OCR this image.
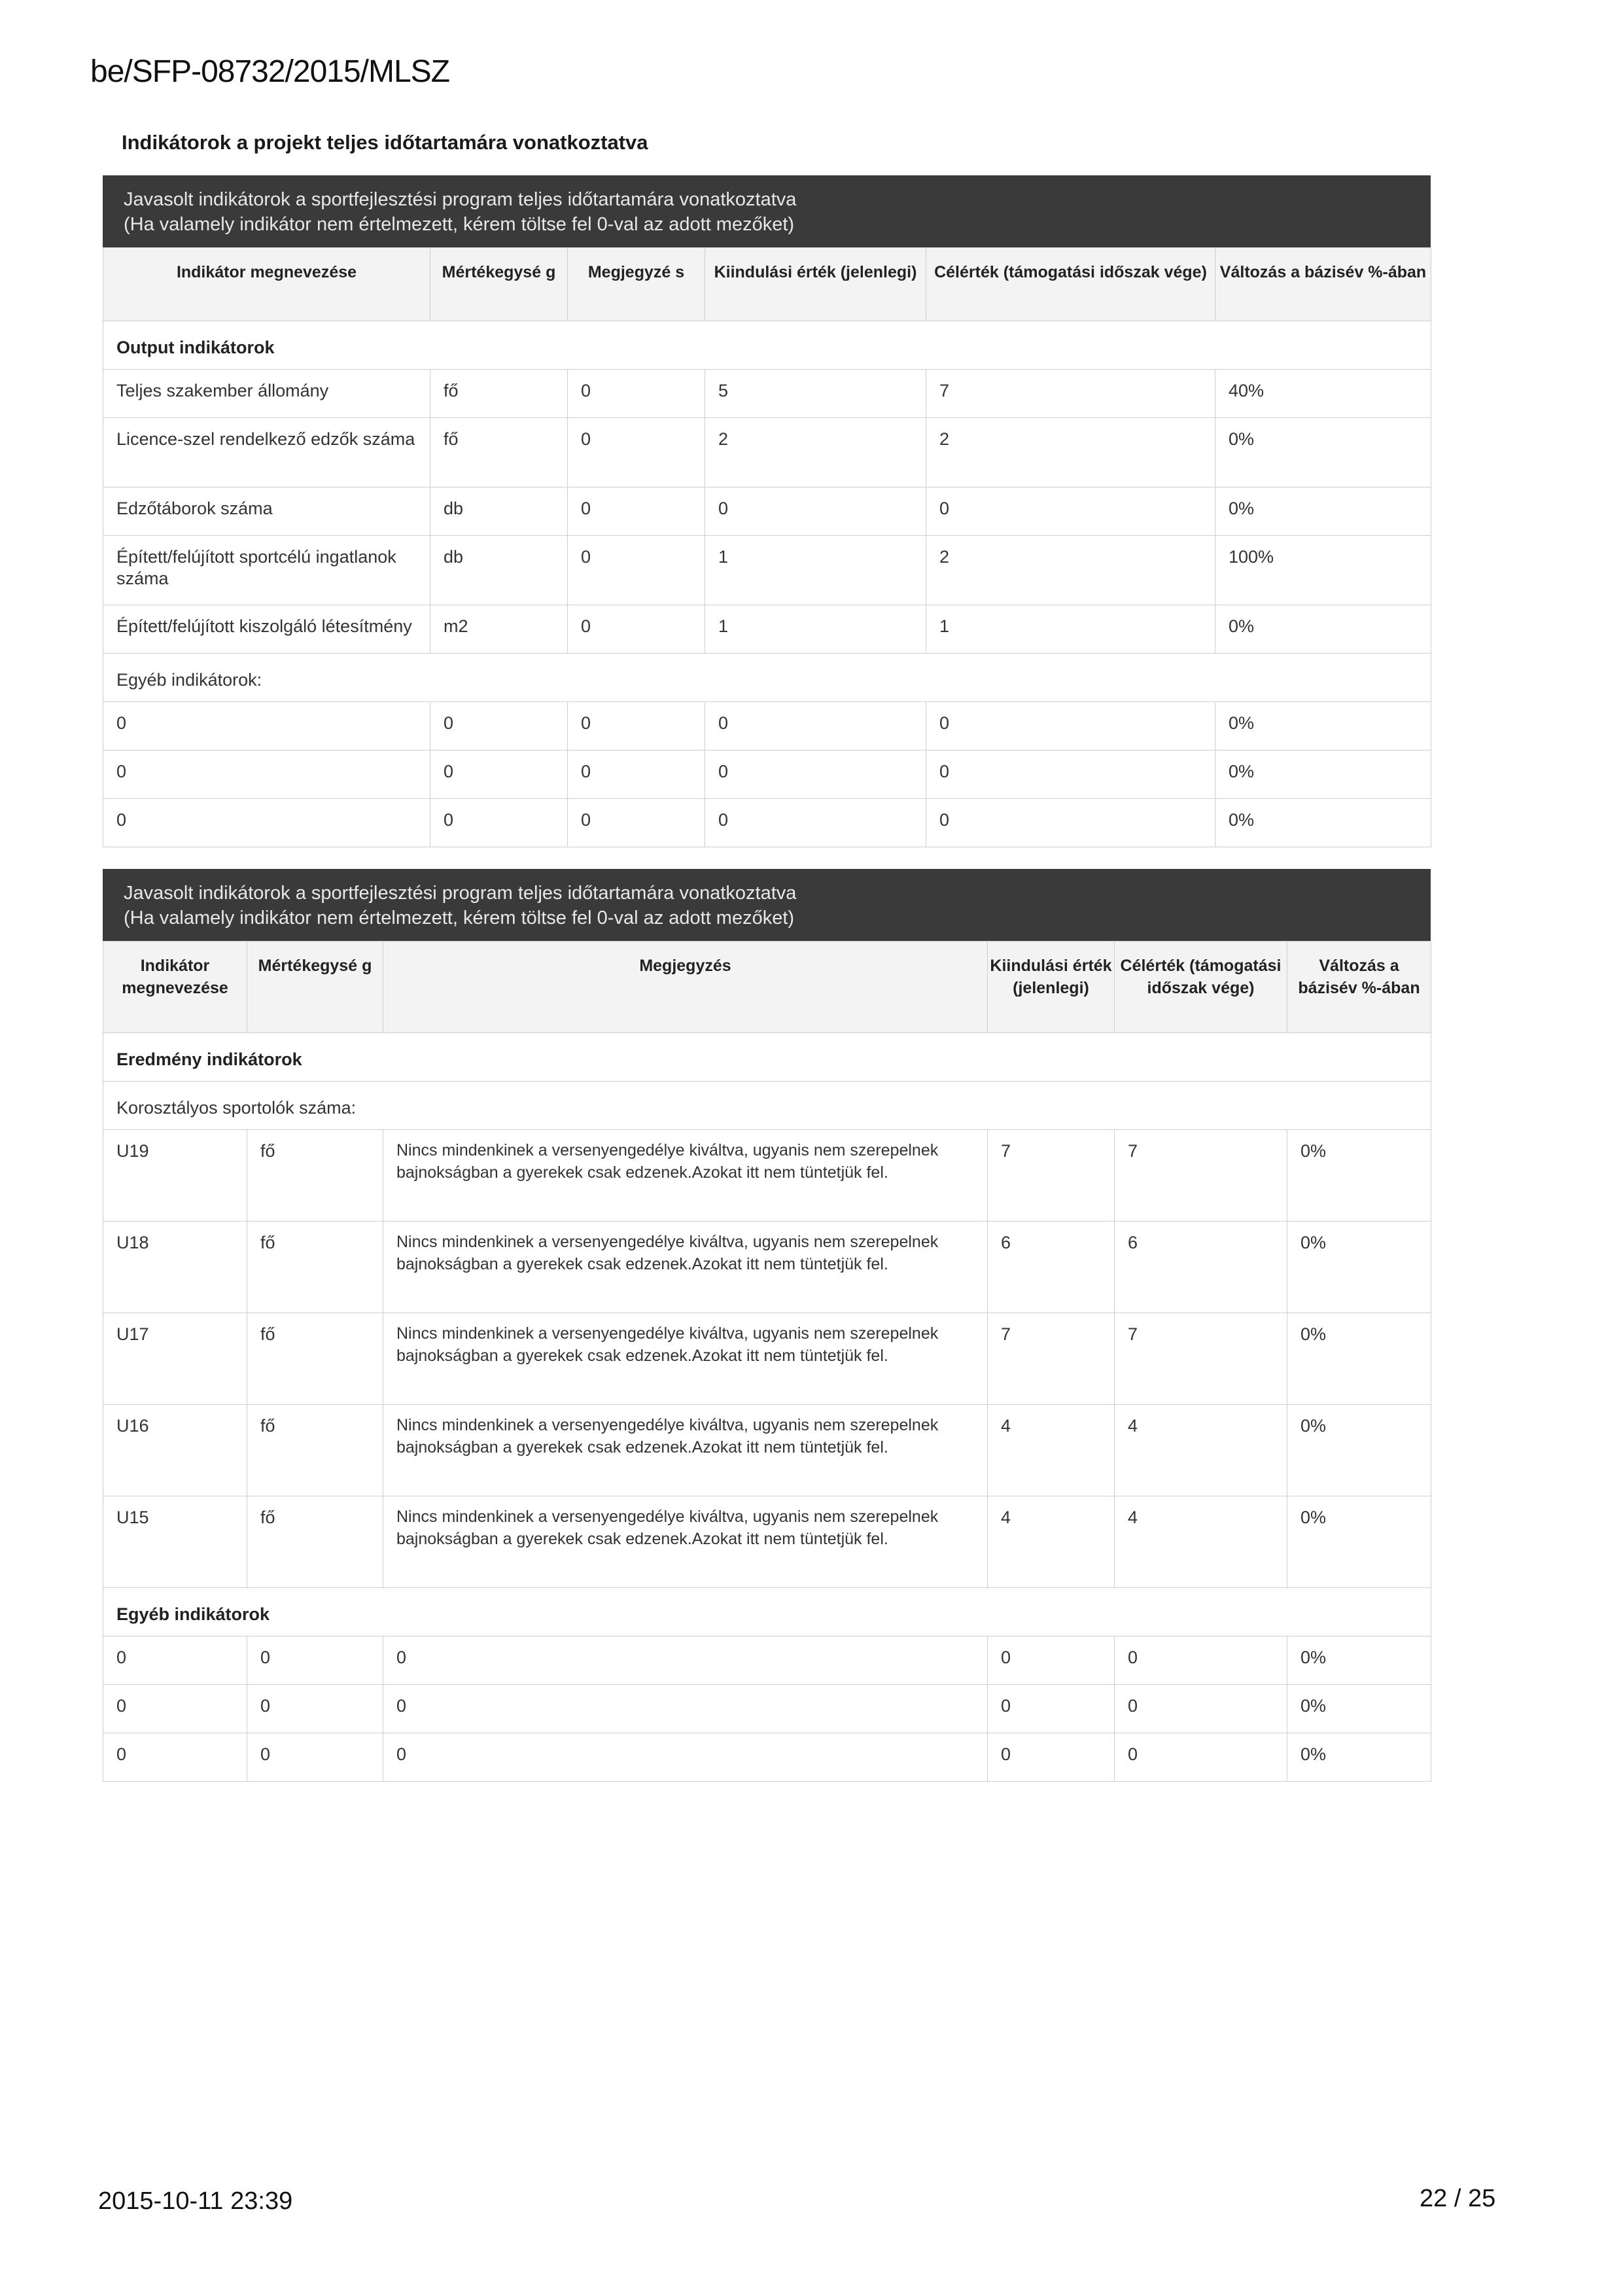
be/SFP-08732/2015/MLSZ
Indikátorok a projekt teljes időtartamára vonatkoztatva
Javasolt indikátorok a sportfejlesztési program teljes időtartamára vonatkoztatva
(Ha valamely indikátor nem értelmezett, kérem töltse fel 0-val az adott mezőket)
Indikátor megnevezése	Mértékegysé g	Megjegyzé s	Kiindulási érték (jelenlegi)	Célérték (támogatási időszak vége)	Változás a bázisév %-ában

Output indikátorok					

Teljes szakember állomány	fő	0	5	7	40%

Licence-szel rendelkező edzők száma	fő	0	2	2	0%

Edzőtáborok száma	db	0	0	0	0%

Épített/felújított sportcélú ingatlanok száma	db	0	1	2	100%

Épített/felújított kiszolgáló létesítmény	m2	0	1	1	0%

Egyéb indikátorok:					

0	0	0	0	0	0%

0	0	0	0	0	0%

0	0	0	0	0	0%
Javasolt indikátorok a sportfejlesztési program teljes időtartamára vonatkoztatva
(Ha valamely indikátor nem értelmezett, kérem töltse fel 0-val az adott mezőket)
Indikátor megnevezése	Mértékegysé g	Megjegyzés	Kiindulási érték (jelenlegi)	Célérték (támogatási időszak vége)	Változás a bázisév %-ában

Eredmény indikátorok					

Korosztályos sportolók száma:					

U19	fő	Nincs mindenkinek a versenyengedélye kiváltva, ugyanis nem szerepelnek bajnokságban a gyerekek csak edzenek.Azokat itt nem tüntetjük fel.	7	7	0%

U18	fő	Nincs mindenkinek a versenyengedélye kiváltva, ugyanis nem szerepelnek bajnokságban a gyerekek csak edzenek.Azokat itt nem tüntetjük fel.	6	6	0%

U17	fő	Nincs mindenkinek a versenyengedélye kiváltva, ugyanis nem szerepelnek bajnokságban a gyerekek csak edzenek.Azokat itt nem tüntetjük fel.	7	7	0%

U16	fő	Nincs mindenkinek a versenyengedélye kiváltva, ugyanis nem szerepelnek bajnokságban a gyerekek csak edzenek.Azokat itt nem tüntetjük fel.	4	4	0%

U15	fő	Nincs mindenkinek a versenyengedélye kiváltva, ugyanis nem szerepelnek bajnokságban a gyerekek csak edzenek.Azokat itt nem tüntetjük fel.	4	4	0%

Egyéb indikátorok					

0	0	0	0	0	0%

0	0	0	0	0	0%

0	0	0	0	0	0%
2015-10-11 23:39	22 / 25
